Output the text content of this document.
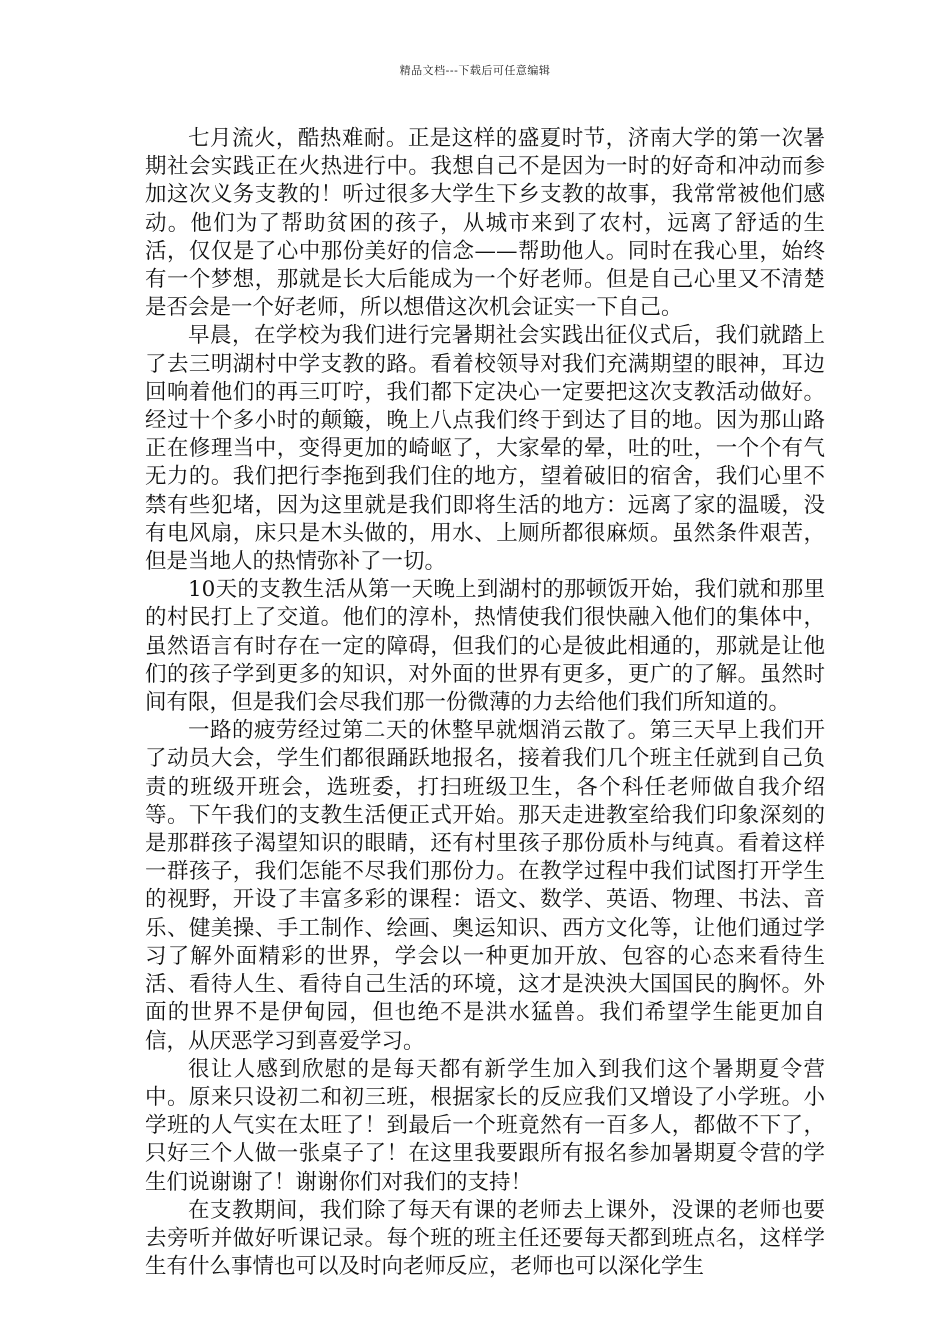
精品文档---下载后可任意编辑

七月流火，酷热难耐。正是这样的盛夏时节，济南大学的第一次暑期社会实践正在火热进行中。我想自己不是因为一时的好奇和冲动而参加这次义务支教的！听过很多大学生下乡支教的故事，我常常被他们感动。他们为了帮助贫困的孩子，从城市来到了农村，远离了舒适的生活，仅仅是了心中那份美好的信念——帮助他人。同时在我心里，始终有一个梦想，那就是长大后能成为一个好老师。但是自己心里又不清楚是否会是一个好老师，所以想借这次机会证实一下自己。

早晨，在学校为我们进行完暑期社会实践出征仪式后，我们就踏上了去三明湖村中学支教的路。看着校领导对我们充满期望的眼神，耳边回响着他们的再三叮咛，我们都下定决心一定要把这次支教活动做好。经过十个多小时的颠簸，晚上八点我们终于到达了目的地。因为那山路正在修理当中，变得更加的崎岖了，大家晕的晕，吐的吐，一个个有气无力的。我们把行李拖到我们住的地方，望着破旧的宿舍，我们心里不禁有些犯堵，因为这里就是我们即将生活的地方：远离了家的温暖，没有电风扇，床只是木头做的，用水、上厕所都很麻烦。虽然条件艰苦，但是当地人的热情弥补了一切。

10天的支教生活从第一天晚上到湖村的那顿饭开始，我们就和那里的村民打上了交道。他们的淳朴，热情使我们很快融入他们的集体中，虽然语言有时存在一定的障碍，但我们的心是彼此相通的，那就是让他们的孩子学到更多的知识，对外面的世界有更多，更广的了解。虽然时间有限，但是我们会尽我们那一份微薄的力去给他们我们所知道的。

一路的疲劳经过第二天的休整早就烟消云散了。第三天早上我们开了动员大会，学生们都很踊跃地报名，接着我们几个班主任就到自己负责的班级开班会，选班委，打扫班级卫生，各个科任老师做自我介绍等。下午我们的支教生活便正式开始。那天走进教室给我们印象深刻的是那群孩子渴望知识的眼睛，还有村里孩子那份质朴与纯真。看着这样一群孩子，我们怎能不尽我们那份力。在教学过程中我们试图打开学生的视野，开设了丰富多彩的课程：语文、数学、英语、物理、书法、音乐、健美操、手工制作、绘画、奥运知识、西方文化等，让他们通过学习了解外面精彩的世界，学会以一种更加开放、包容的心态来看待生活、看待人生、看待自己生活的环境，这才是泱泱大国国民的胸怀。外面的世界不是伊甸园，但也绝不是洪水猛兽。我们希望学生能更加自信，从厌恶学习到喜爱学习。

很让人感到欣慰的是每天都有新学生加入到我们这个暑期夏令营中。原来只设初二和初三班，根据家长的反应我们又增设了小学班。小学班的人气实在太旺了！到最后一个班竟然有一百多人，都做不下了，只好三个人做一张桌子了！在这里我要跟所有报名参加暑期夏令营的学生们说谢谢了！谢谢你们对我们的支持！

在支教期间，我们除了每天有课的老师去上课外，没课的老师也要去旁听并做好听课记录。每个班的班主任还要每天都到班点名，这样学生有什么事情也可以及时向老师反应，老师也可以深化学生
